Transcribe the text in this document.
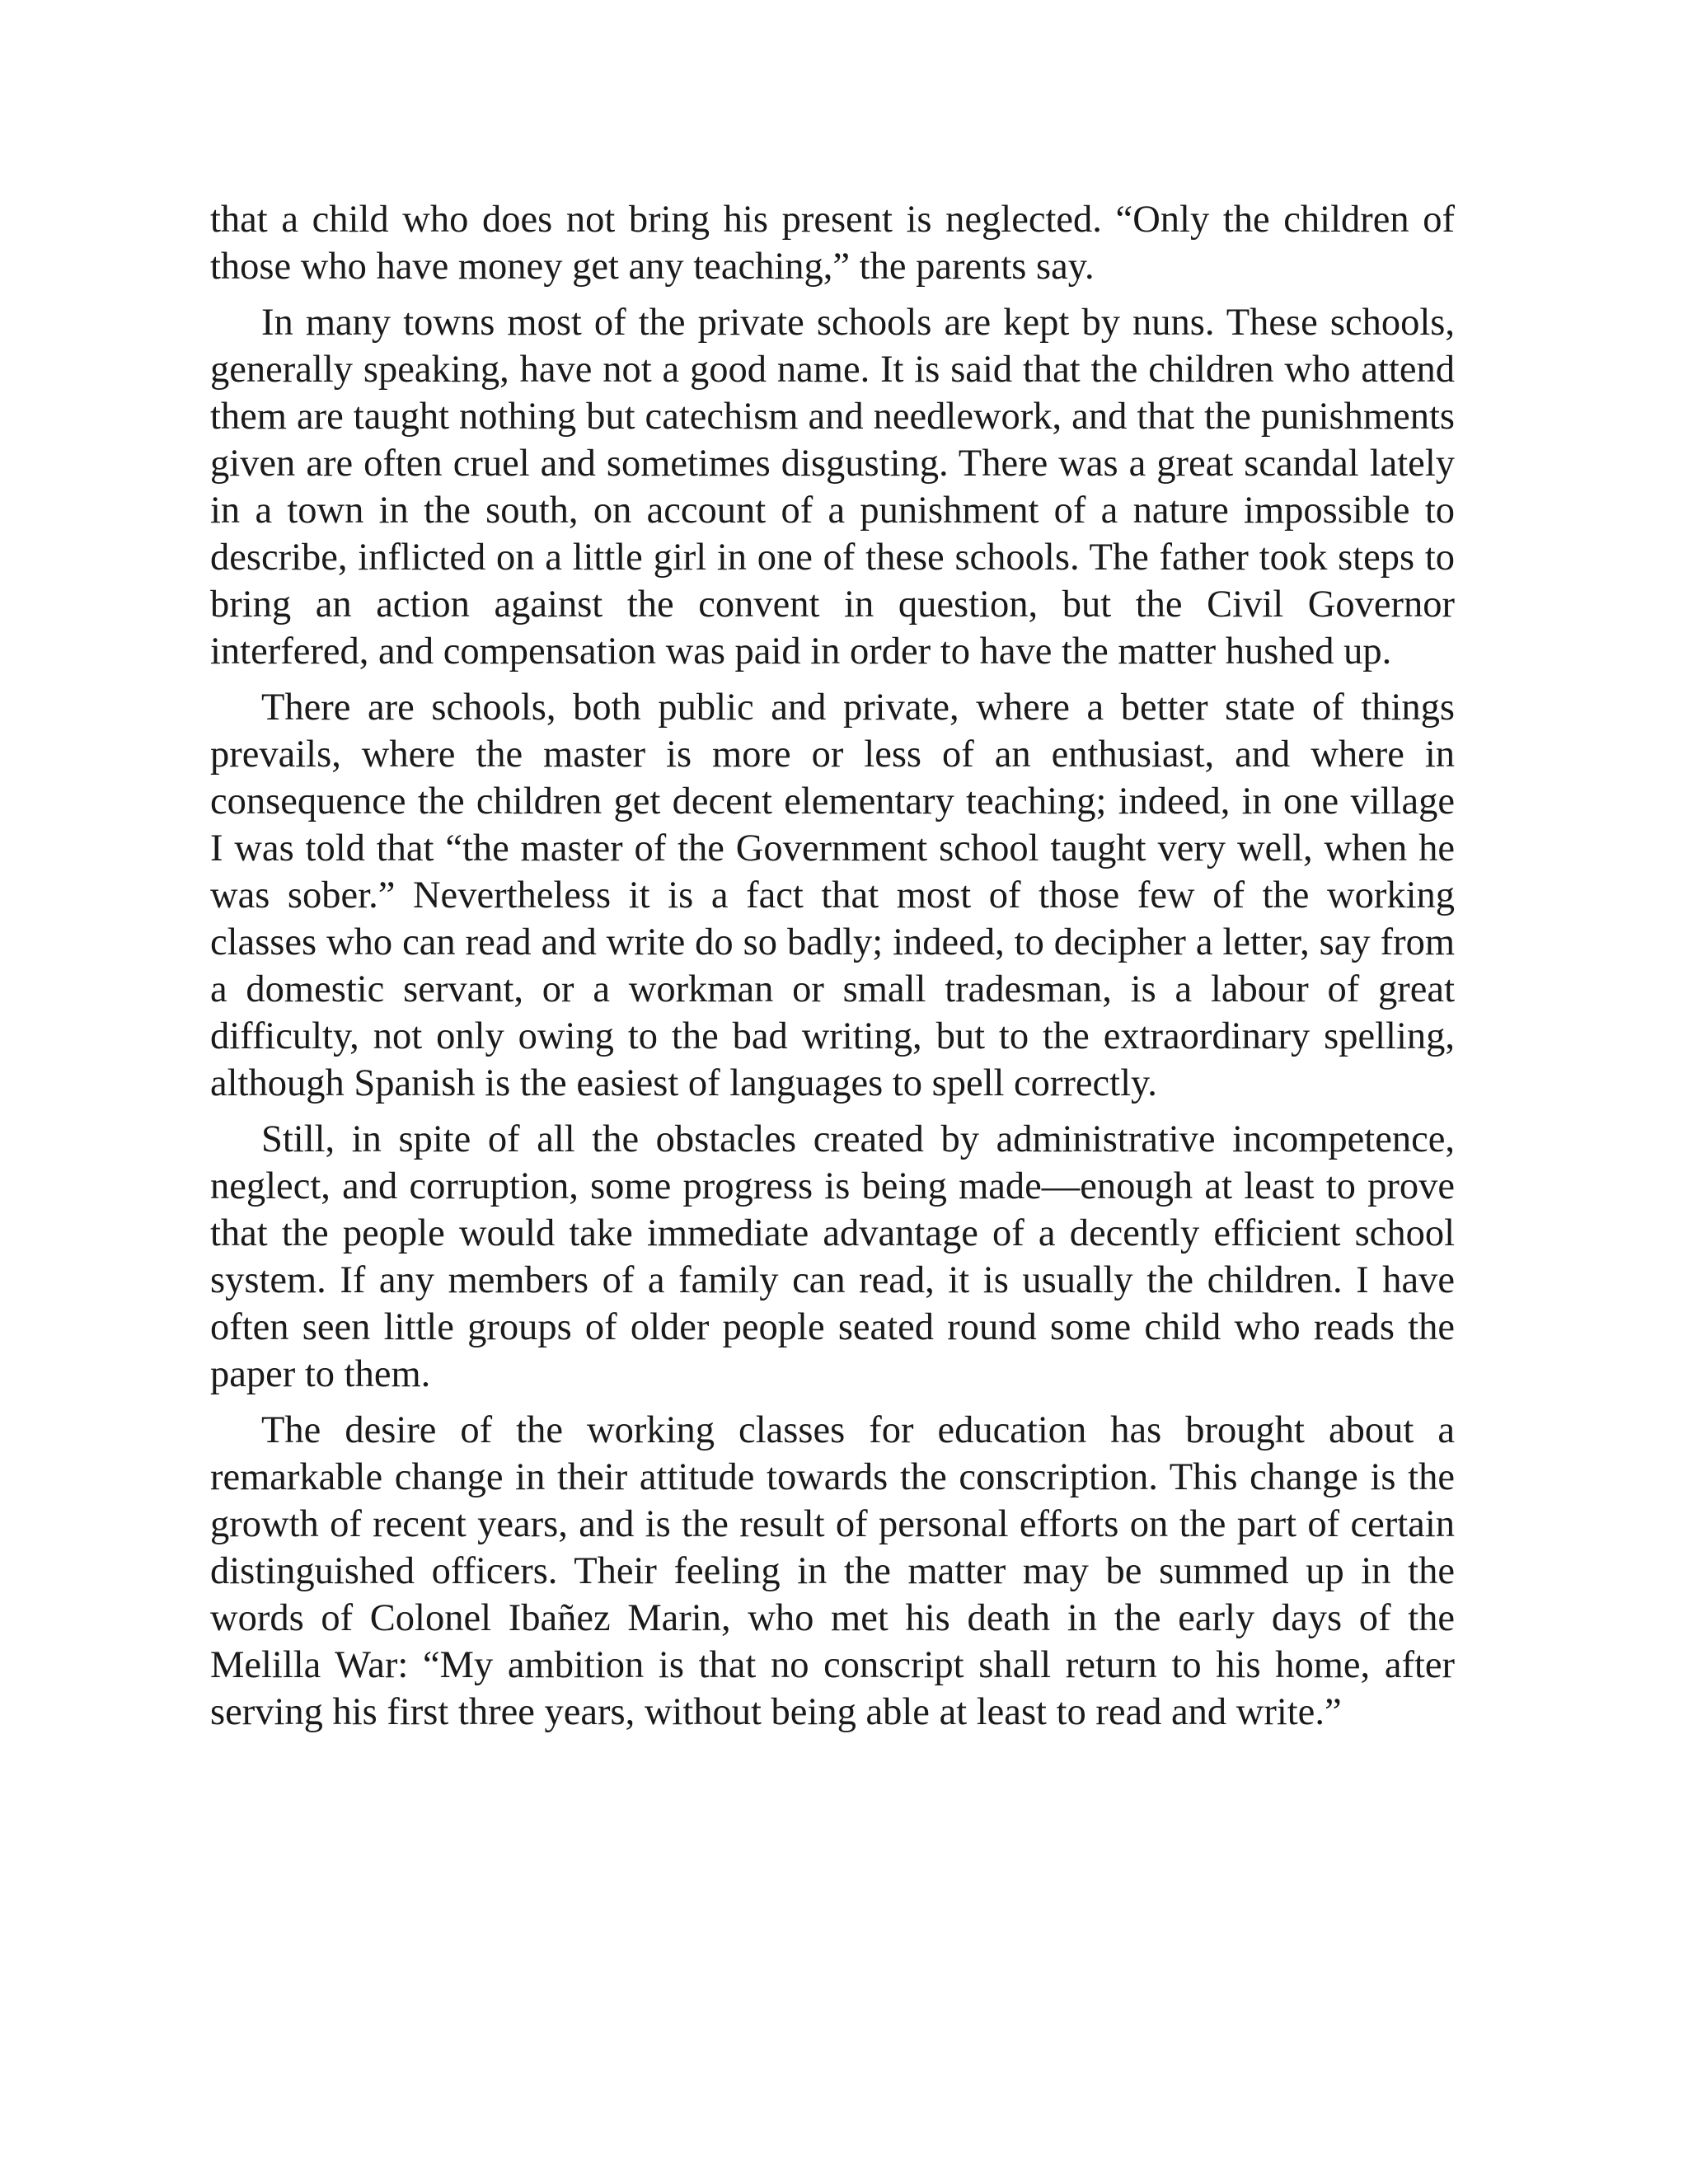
that a child who does not bring his present is neglected. “Only the children of those who have money get any teaching,” the parents say.

In many towns most of the private schools are kept by nuns. These schools, generally speaking, have not a good name. It is said that the children who attend them are taught nothing but catechism and needlework, and that the punishments given are often cruel and sometimes disgusting. There was a great scandal lately in a town in the south, on account of a punishment of a nature impossible to describe, inflicted on a little girl in one of these schools. The father took steps to bring an action against the convent in question, but the Civil Governor interfered, and compensation was paid in order to have the matter hushed up.

There are schools, both public and private, where a better state of things prevails, where the master is more or less of an enthusiast, and where in consequence the children get decent elementary teaching; indeed, in one village I was told that “the master of the Government school taught very well, when he was sober.” Nevertheless it is a fact that most of those few of the working classes who can read and write do so badly; indeed, to decipher a letter, say from a domestic servant, or a workman or small tradesman, is a labour of great difficulty, not only owing to the bad writing, but to the extraordinary spelling, although Spanish is the easiest of languages to spell correctly.

Still, in spite of all the obstacles created by administrative incompetence, neglect, and corruption, some progress is being made—enough at least to prove that the people would take immediate advantage of a decently efficient school system. If any members of a family can read, it is usually the children. I have often seen little groups of older people seated round some child who reads the paper to them.

The desire of the working classes for education has brought about a remarkable change in their attitude towards the conscription. This change is the growth of recent years, and is the result of personal efforts on the part of certain distinguished officers. Their feeling in the matter may be summed up in the words of Colonel Ibañez Marin, who met his death in the early days of the Melilla War: “My ambition is that no conscript shall return to his home, after serving his first three years, without being able at least to read and write.”
